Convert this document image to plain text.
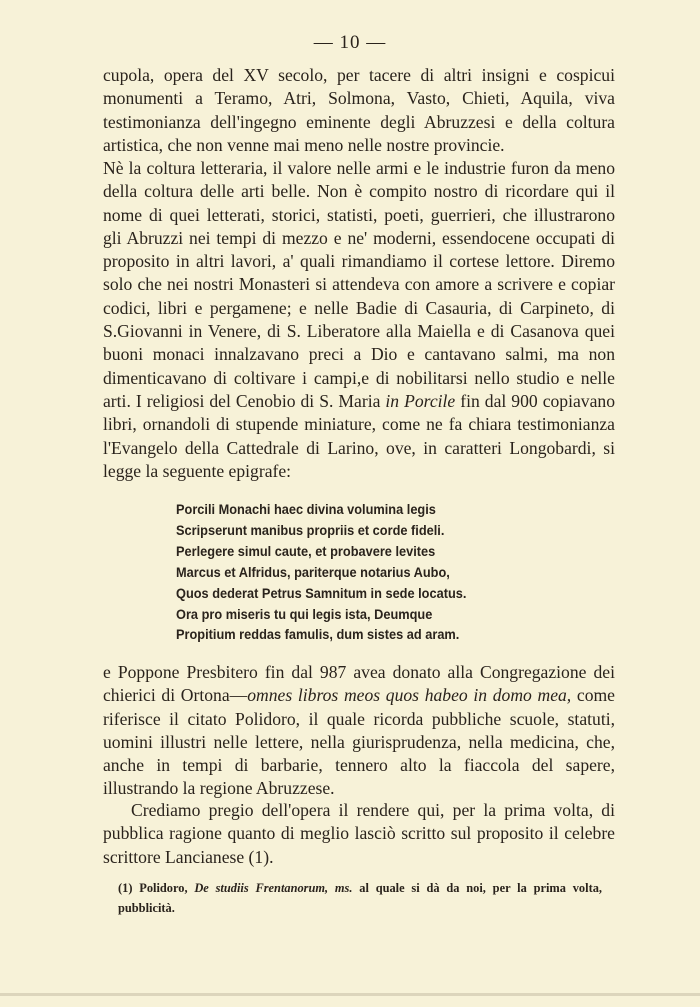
— 10 —

cupola, opera del XV secolo, per tacere di altri insigni e cospicui monumenti a Teramo, Atri, Solmona, Vasto, Chieti, Aquila, viva testimonianza dell'ingegno eminente degli Abruzzesi e della coltura artistica, che non venne mai meno nelle nostre provincie.

Nè la coltura letteraria, il valore nelle armi e le industrie furon da meno della coltura delle arti belle. Non è compito nostro di ricordare qui il nome di quei letterati, storici, statisti, poeti, guerrieri, che illustrarono gli Abruzzi nei tempi di mezzo e ne' moderni, essendocene occupati di proposito in altri lavori, a' quali rimandiamo il cortese lettore. Diremo solo che nei nostri Monasteri si attendeva con amore a scrivere e copiar codici, libri e pergamene; e nelle Badie di Casauria, di Carpineto, di S.Giovanni in Venere, di S. Liberatore alla Maiella e di Casanova quei buoni monaci innalzavano preci a Dio e cantavano salmi, ma non dimenticavano di coltivare i campi,e di nobilitarsi nello studio e nelle arti. I religiosi del Cenobio di S. Maria in Porcile fin dal 900 copiavano libri, ornandoli di stupende miniature, come ne fa chiara testimonianza l'Evangelo della Cattedrale di Larino, ove, in caratteri Longobardi, si legge la seguente epigrafe:

Porcili Monachi haec divina volumina legis
Scripserunt manibus propriis et corde fideli.
Perlegere simul caute, et probavere levites
Marcus et Alfridus, pariterque notarius Aubo,
Quos dederat Petrus Samnitum in sede locatus.
Ora pro miseris tu qui legis ista, Deumque
Propitium reddas famulis, dum sistes ad aram.

e Poppone Presbitero fin dal 987 avea donato alla Congregazione dei chierici di Ortona—omnes libros meos quos habeo in domo mea, come riferisce il citato Polidoro, il quale ricorda pubbliche scuole, statuti, uomini illustri nelle lettere, nella giurisprudenza, nella medicina, che, anche in tempi di barbarie, tennero alto la fiaccola del sapere, illustrando la regione Abruzzese.

Crediamo pregio dell'opera il rendere qui, per la prima volta, di pubblica ragione quanto di meglio lasciò scritto sul proposito il celebre scrittore Lancianese (1).

(1) Polidoro, De studiis Frentanorum, ms. al quale si dà da noi, per la prima volta, pubblicità.
